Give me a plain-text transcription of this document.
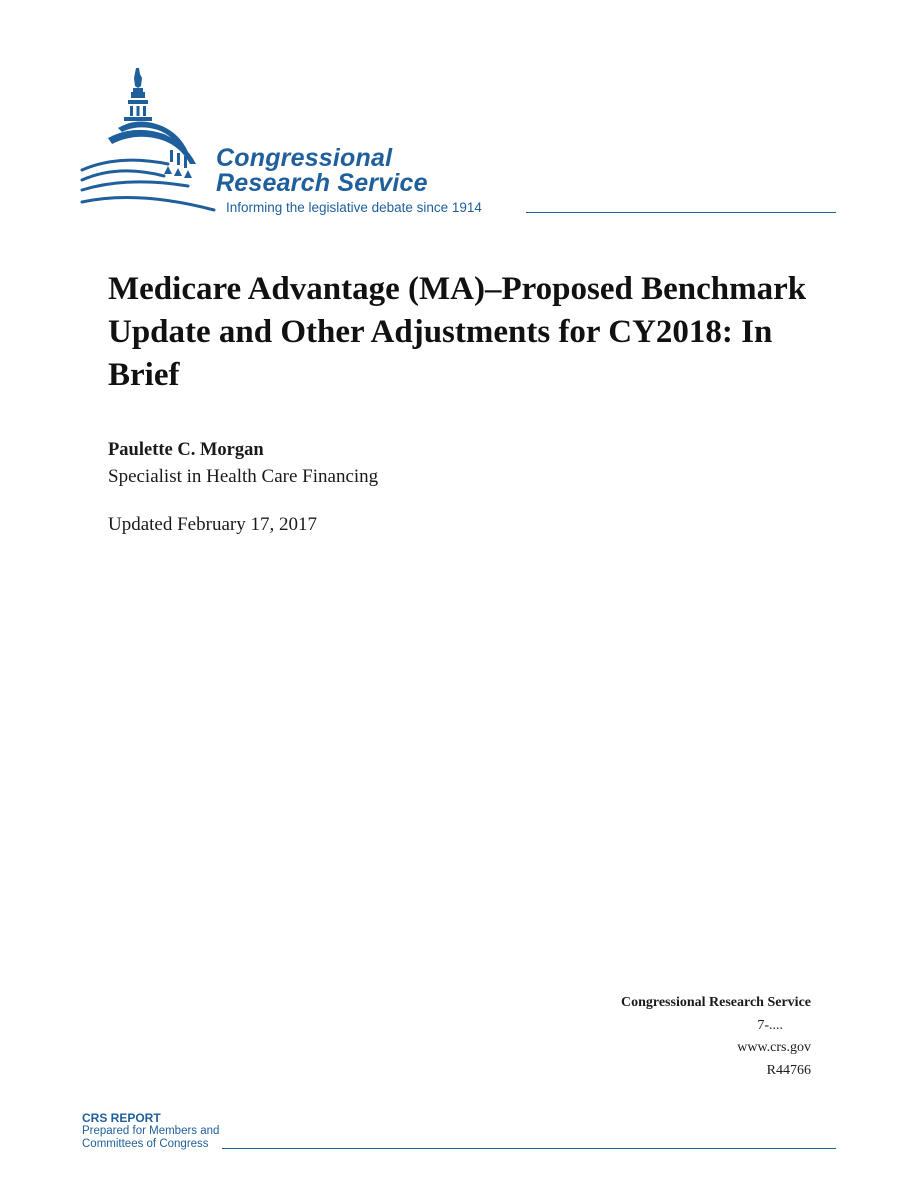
Congressional
Research Service
Informing the legislative debate since 1914
Medicare Advantage (MA)–Proposed Benchmark Update and Other Adjustments for CY2018: In Brief
Paulette C. Morgan
Specialist in Health Care Financing
Updated February 17, 2017
Congressional Research Service
7-....
www.crs.gov
R44766
CRS REPORT
Prepared for Members and
Committees of Congress
